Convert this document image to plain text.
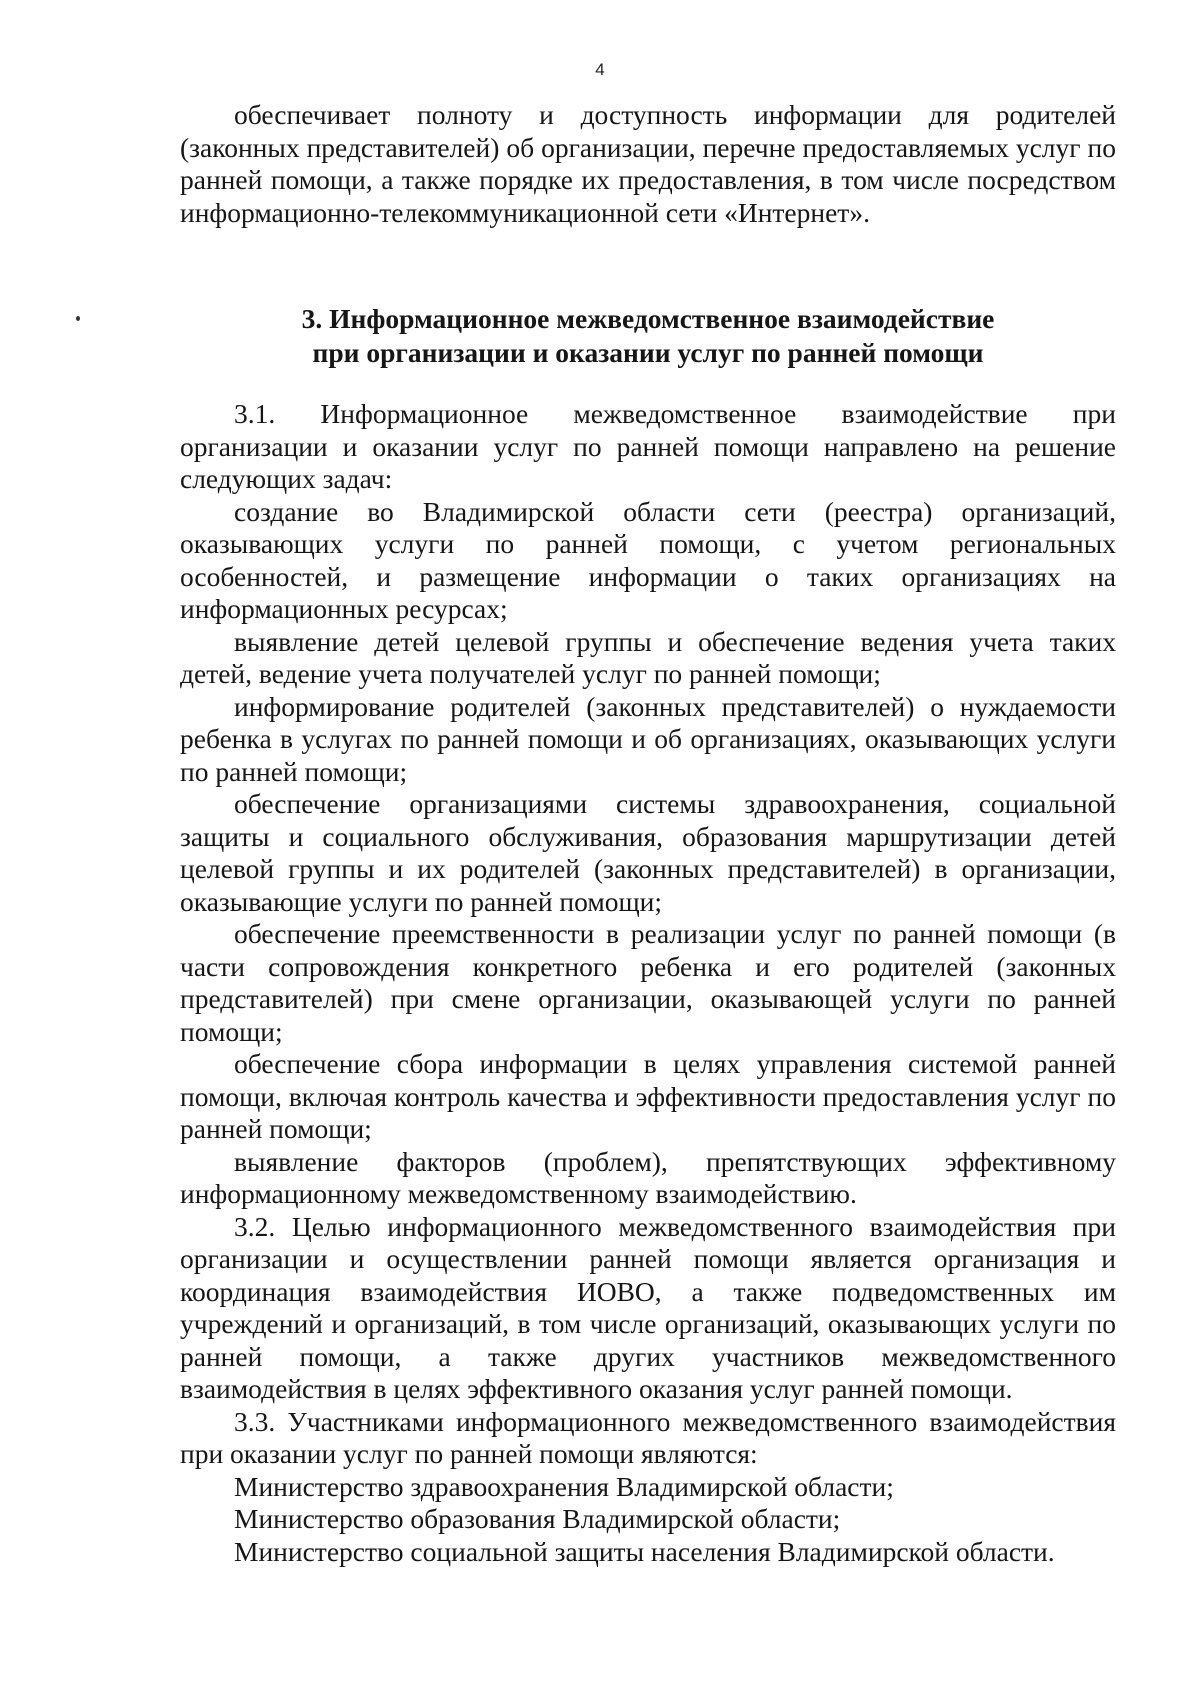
4

обеспечивает полноту и доступность информации для родителей (законных представителей) об организации, перечне предоставляемых услуг по ранней помощи, а также порядке их предоставления, в том числе посредством информационно-телекоммуникационной сети «Интернет».

3. Информационное межведомственное взаимодействие
при организации и оказании услуг по ранней помощи

3.1. Информационное межведомственное взаимодействие при организации и оказании услуг по ранней помощи направлено на решение следующих задач:

создание во Владимирской области сети (реестра) организаций, оказывающих услуги по ранней помощи, с учетом региональных особенностей, и размещение информации о таких организациях на информационных ресурсах;

выявление детей целевой группы и обеспечение ведения учета таких детей, ведение учета получателей услуг по ранней помощи;

информирование родителей (законных представителей) о нуждаемости ребенка в услугах по ранней помощи и об организациях, оказывающих услуги по ранней помощи;

обеспечение организациями системы здравоохранения, социальной защиты и социального обслуживания, образования маршрутизации детей целевой группы и их родителей (законных представителей) в организации, оказывающие услуги по ранней помощи;

обеспечение преемственности в реализации услуг по ранней помощи (в части сопровождения конкретного ребенка и его родителей (законных представителей) при смене организации, оказывающей услуги по ранней помощи;

обеспечение сбора информации в целях управления системой ранней помощи, включая контроль качества и эффективности предоставления услуг по ранней помощи;

выявление факторов (проблем), препятствующих эффективному информационному межведомственному взаимодействию.

3.2. Целью информационного межведомственного взаимодействия при организации и осуществлении ранней помощи является организация и координация взаимодействия ИОВО, а также подведомственных им учреждений и организаций, в том числе организаций, оказывающих услуги по ранней помощи, а также других участников межведомственного взаимодействия в целях эффективного оказания услуг ранней помощи.

3.3. Участниками информационного межведомственного взаимодействия при оказании услуг по ранней помощи являются:

Министерство здравоохранения Владимирской области;

Министерство образования Владимирской области;

Министерство социальной защиты населения Владимирской области.
